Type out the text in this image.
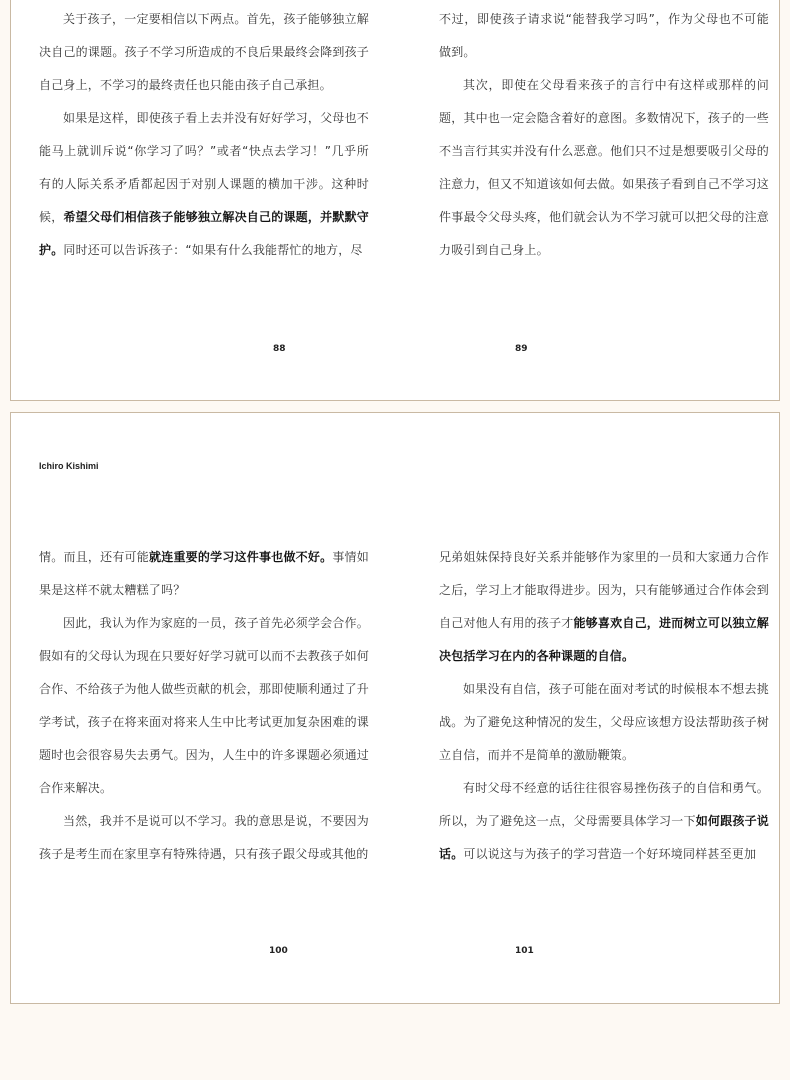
关于孩子，一定要相信以下两点。首先，孩子能够独立解决自己的课题。孩子不学习所造成的不良后果最终会降到孩子自己身上，不学习的最终责任也只能由孩子自己承担。

如果是这样，即使孩子看上去并没有好好学习，父母也不能马上就训斥说“你学习了吗？”或者“快点去学习！”几乎所有的人际关系矛盾都起因于对别人课题的横加干涉。这种时候，希望父母们相信孩子能够独立解决自己的课题，并默默守护。同时还可以告诉孩子：“如果有什么我能帮忙的地方，尽

88

不过，即使孩子请求说“能替我学习吗”，作为父母也不可能做到。

其次，即使在父母看来孩子的言行中有这样或那样的问题，其中也一定会隐含着好的意图。多数情况下，孩子的一些不当言行其实并没有什么恶意。他们只不过是想要吸引父母的注意力，但又不知道该如何去做。如果孩子看到自己不学习这件事最令父母头疼，他们就会认为不学习就可以把父母的注意力吸引到自己身上。

89
Ichiro Kishimi

情。而且，还有可能就连重要的学习这件事也做不好。事情如果是这样不就太糟糕了吗？

因此，我认为作为家庭的一员，孩子首先必须学会合作。假如有的父母认为现在只要好好学习就可以而不去教孩子如何合作、不给孩子为他人做些贡献的机会，那即使顺利通过了升学考试，孩子在将来面对将来人生中比考试更加复杂困难的课题时也会很容易失去勇气。因为，人生中的许多课题必须通过合作来解决。

当然，我并不是说可以不学习。我的意思是说，不要因为孩子是考生而在家里享有特殊待遇，只有孩子跟父母或其他的

100

兄弟姐妹保持良好关系并能够作为家里的一员和大家通力合作之后，学习上才能取得进步。因为，只有能够通过合作体会到自己对他人有用的孩子才能够喜欢自己，进而树立可以独立解决包括学习在内的各种课题的自信。

如果没有自信，孩子可能在面对考试的时候根本不想去挑战。为了避免这种情况的发生，父母应该想方设法帮助孩子树立自信，而并不是简单的激励鞭策。

有时父母不经意的话往往很容易挫伤孩子的自信和勇气。所以，为了避免这一点，父母需要具体学习一下如何跟孩子说话。可以说这与为孩子的学习营造一个好环境同样甚至更加

101
